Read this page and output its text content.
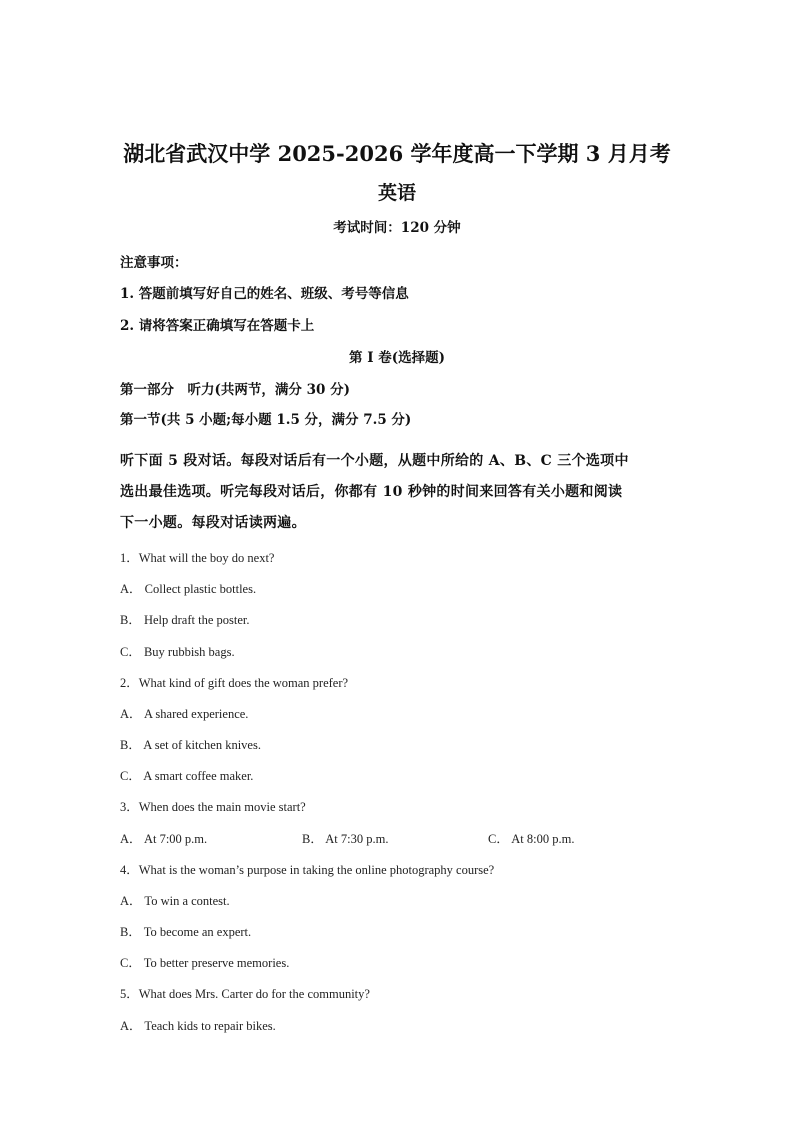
湖北省武汉中学 2025-2026 学年度高一下学期 3 月月考
英语
考试时间：120 分钟
注意事项：
1. 答题前填写好自己的姓名、班级、考号等信息
2. 请将答案正确填写在答题卡上
第 I 卷(选择题)
第一部分　听力(共两节，满分 30 分)
第一节(共 5 小题;每小题 1.5 分，满分 7.5 分)
听下面 5 段对话。每段对话后有一个小题，从题中所给的 A、B、C 三个选项中
选出最佳选项。听完每段对话后，你都有 10 秒钟的时间来回答有关小题和阅读
下一小题。每段对话读两遍。
1．What will the boy do next?
A． Collect plastic bottles.
B． Help draft the poster.
C． Buy rubbish bags.
2．What kind of gift does the woman prefer?
A． A shared experience.
B． A set of kitchen knives.
C． A smart coffee maker.
3．When does the main movie start?
A． At 7:00 p.m.	B． At 7:30 p.m.	C． At 8:00 p.m.
4．What is the woman’s purpose in taking the online photography course?
A． To win a contest.
B． To become an expert.
C． To better preserve memories.
5．What does Mrs. Carter do for the community?
A． Teach kids to repair bikes.
